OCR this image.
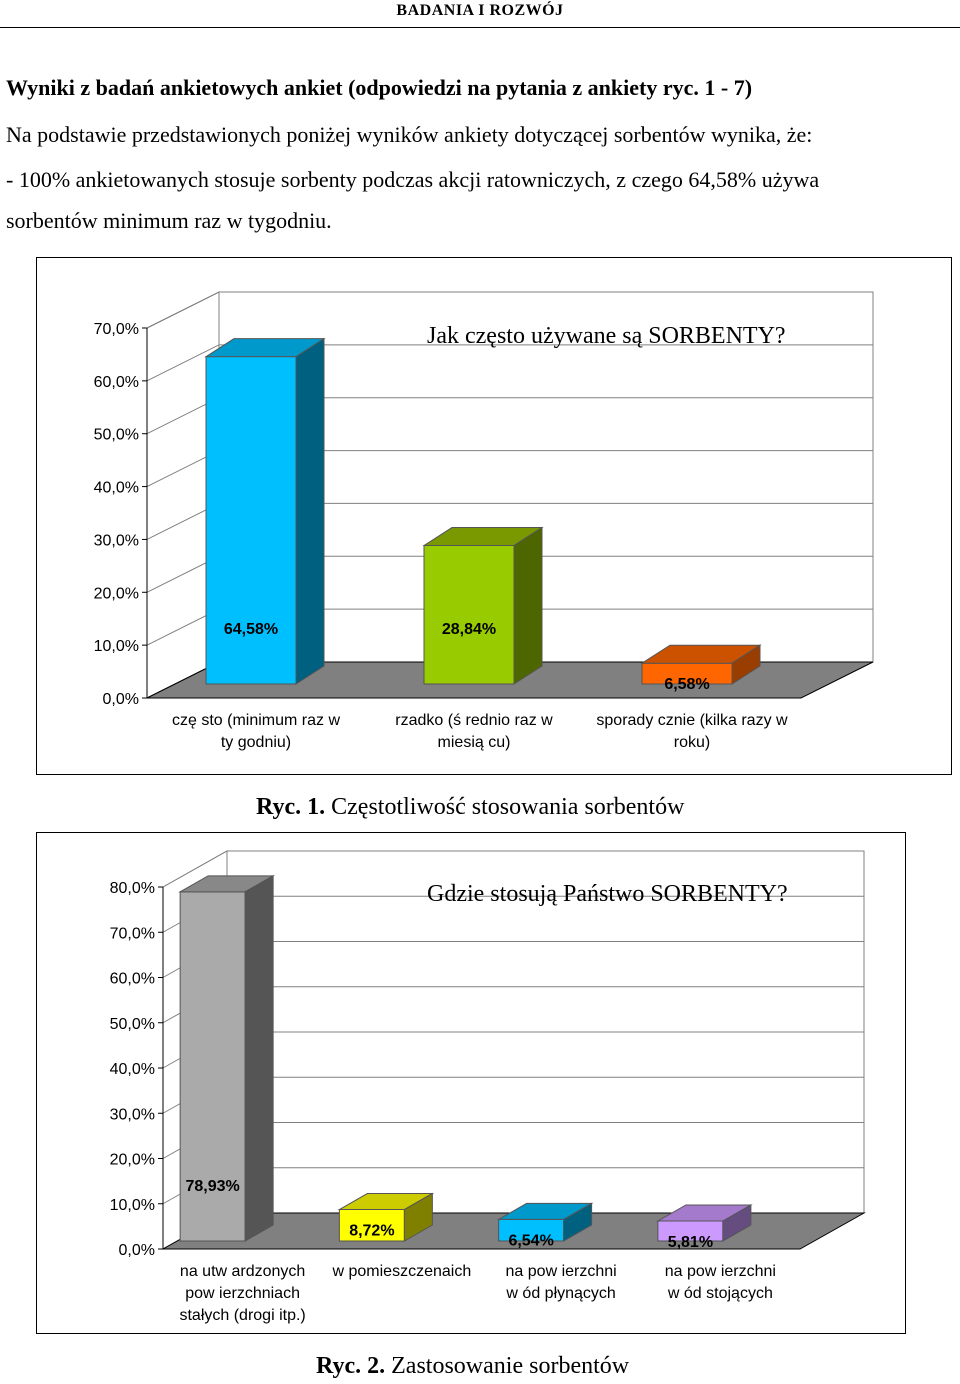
BADANIA I ROZWÓJ
Wyniki z badań ankietowych ankiet (odpowiedzi na pytania z ankiety ryc. 1 - 7)
Na podstawie przedstawionych poniżej wyników ankiety dotyczącej sorbentów wynika, że:
- 100% ankietowanych stosuje sorbenty podczas akcji ratowniczych, z czego 64,58% używa
sorbentów minimum raz w tygodniu.
0,0%
10,0%
20,0%
30,0%
40,0%
50,0%
60,0%
70,0%	Jak często używane są SORBENTY?
64,58%
czę sto (minimum raz w
ty godniu)
28,84%
rzadko (ś rednio raz w
miesią cu)
6,58%
sporady cznie (kilka razy w
roku)
Ryc. 1. Częstotliwość stosowania sorbentów
0,0%
10,0%
20,0%
30,0%
40,0%
50,0%
60,0%
70,0%
80,0%	Gdzie stosują Państwo SORBENTY?
78,93%
na utw ardzonych
pow ierzchniach
stałych (drogi itp.)
8,72%
w pomieszczenaich
6,54%
na pow ierzchni
w ód płynących
5,81%
na pow ierzchni
w ód stojących
Ryc. 2. Zastosowanie sorbentów
